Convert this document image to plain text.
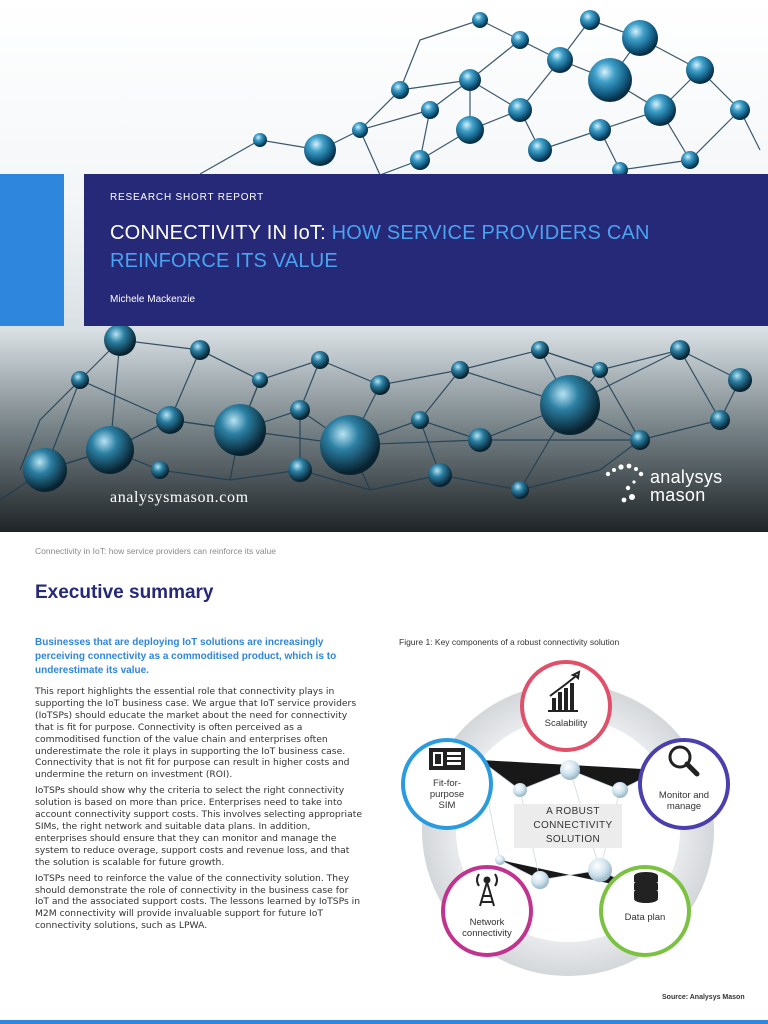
RESEARCH SHORT REPORT
CONNECTIVITY IN IoT: HOW SERVICE PROVIDERS CAN REINFORCE ITS VALUE
Michele Mackenzie
analysysmason.com
analysys
mason
Connectivity in IoT: how service providers can reinforce its value
Executive summary

Businesses that are deploying IoT solutions are increasingly perceiving connectivity as a commoditised product, which is to underestimate its value.

This report highlights the essential role that connectivity plays in supporting the IoT business case. We argue that IoT service providers (IoTSPs) should educate the market about the need for connectivity that is fit for purpose. Connectivity is often perceived as a commoditised function of the value chain and enterprises often underestimate the role it plays in supporting the IoT business case. Connectivity that is not fit for purpose can result in higher costs and undermine the return on investment (ROI).

IoTSPs should show why the criteria to select the right connectivity solution is based on more than price. Enterprises need to take into account connectivity support costs. This involves selecting appropriate SIMs, the right network and suitable data plans. In addition, enterprises should ensure that they can monitor and manage the system to reduce overage, support costs and revenue loss, and that the solution is scalable for future growth.

IoTSPs need to reinforce the value of the connectivity solution. They should demonstrate the role of connectivity in the business case for IoT and the associated support costs. The lessons learned by IoTSPs in M2M connectivity will provide invaluable support for future IoT connectivity solutions, such as LPWA.

Figure 1: Key components of a robust connectivity solution
Scalability
Monitor and manage
Data plan
Network connectivity
Fit-for-purpose SIM
A ROBUST CONNECTIVITY SOLUTION
Source: Analysys Mason
